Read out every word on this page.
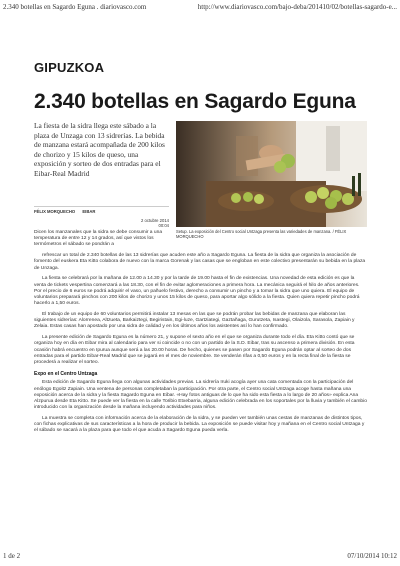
2.340 botellas en Sagardo Eguna . diariovasco.com	http://www.diariovasco.com/bajo-deba/201410/02/botellas-sagardo-e...
GIPUZKOA
2.340 botellas en Sagardo Eguna
La fiesta de la sidra llega este sábado a la plaza de Unzaga con 13 sidrerías. La bebida de manzana estará acompañada de 200 kilos de chorizo y 15 kilos de queso, una exposición y sorteo de dos entradas para el Eibar-Real Madrid
FÉLIX MORQUECHO EIBAR
2 octubre 2014
00:04
Setup. La exposición del Centro social Untzaga presenta las variedades de manzana. / FÉLIX MORQUECHO

Dicen los manzanales que la sidra se debe consumir a una temperatura de entre 12 y 14 grados, así que vistos los termómetros el sábado se pondrán a

refrescar un total de 2.340 botellas de las 13 sidrerías que acuden este año a Sagardo Eguna. La fiesta de la sidra que organiza la asociación de fomento del euskera Eta Kitto colabora de nuevo con la marca Gorenak y las casas que se engloban en este colectivo presentarán su bebida en la plaza de Unzaga.

La fiesta se celebrará por la mañana de 12.00 a 14.30 y por la tarde de 19.00 hasta el fin de existencias. Una novedad de esta edición es que la venta de tickets vespertina comenzará a las 18.30, con el fin de evitar aglomeraciones a primera hora. La mecánica seguirá el hilo de años anteriores. Por el precio de 6 euros se podrá adquirir el vaso, un pañuelo festivo, derecho a consumir un pincho y a tomar la sidra que uno quiera. El equipo de voluntarios preparará pinchos con 200 kilos de chorizo y unos 15 kilos de queso, para aportar algo sólido a la fiesta. Quien quiera repetir pincho podrá hacerlo a 1,50 euros.

El trabajo de un equipo de 60 voluntarios permitirá instalar 13 mesas en las que se podrán probar las bebidas de manzana que elaboran las siguientes sidrerías: Alorrenea, Altzueta, Barkaiztegi, Begiristain, Egi-luze, Gartziategi, Gaztañaga, Gurutzeta, Isastegi, Olaizola, Sarasola, Zapiain y Zelaia. Estas casas han apostado por una sidra de calidad y en los últimos años los asistentes así lo han confirmado.

La presente edición de Sagardo Eguna es la número 21, y supone el sexto año en el que se organiza durante todo el día. Eta Kitto contó que se organiza hoy en día en Eibar mira al calendario para ver si coincide o no con un partido de la S.D. Eibar, tras su ascenso a primera división. En esta ocasión habrá encuentro en Ipurua aunque será a las 20.00 horas. De hecho, quienes se pasen por Sagardo Eguna podrán optar al sorteo de dos entradas para el partido Eibar-Real Madrid que se jugará en el mes de noviembre. Se venderán rifas a 0,50 euros y en la recta final de la fiesta se procederá a realizar el sorteo.

Expo en el Centro Untzaga

Esta edición de Sagardo Eguna llega con algunas actividades previas. La sidrería Iruki acogía ayer una cata comentada con la participación del enólogo Egoitz Zapiain. Una ventena de personas completaban la participación. Por otra parte, el Centro social Untzaga acoge hasta mañana una exposición acerca de la sidra y la fiesta Sagardo Eguna en Eibar. «Hay fotos antiguas de lo que ha sido esta fiesta a lo largo de 20 años» explica Ana Alzpurua desde Eta Kitto. Se puede ver la fiesta en la calle Toribio Etxebarria, alguna edición celebrada en los soportales por la lluvia y también el cambio introducido con la organización desde la mañana incluyendo actividades para niños.

La muestra se completa con información acerca de la elaboración de la sidra, y se pueden ver también unas cestas de manzanas de distintos tipos, con fichas explicativas de sus características a la hora de producir la bebida. La exposición se puede visitar hoy y mañana en el Centro social Untzaga y el sábado se sacará a la plaza para que todo el que acuda a Sagardo Eguna pueda verla.

1 de 2	07/10/2014 10:12
